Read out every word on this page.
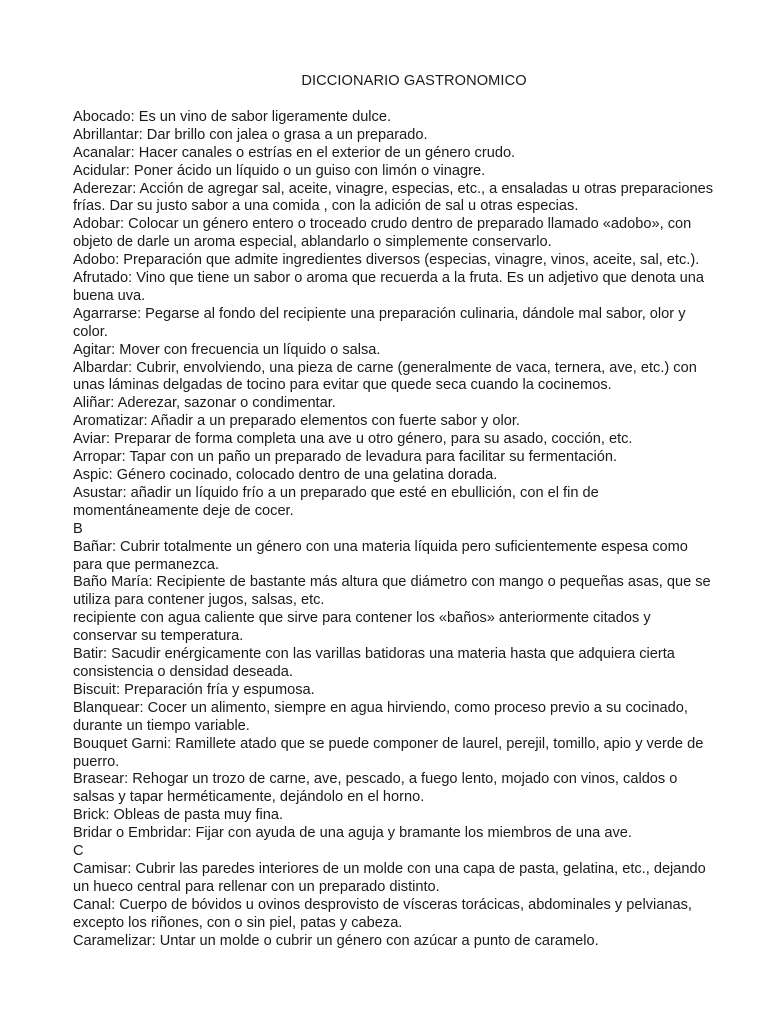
DICCIONARIO GASTRONOMICO

Abocado: Es un vino de sabor ligeramente dulce.

Abrillantar: Dar brillo con jalea o grasa a un preparado.

Acanalar: Hacer canales o estrías en el exterior de un género crudo.

Acidular: Poner ácido un líquido o un guiso con limón o vinagre.

Aderezar: Acción de agregar sal, aceite, vinagre, especias, etc., a ensaladas u otras preparaciones frías. Dar su justo sabor a una comida , con la adición de sal u otras especias.

Adobar: Colocar un género entero o troceado crudo dentro de preparado llamado «adobo», con objeto de darle un aroma especial, ablandarlo o simplemente conservarlo.

Adobo: Preparación que admite ingredientes diversos (especias, vinagre, vinos, aceite, sal, etc.).

Afrutado: Vino que tiene un sabor o aroma que recuerda a la fruta. Es un adjetivo que denota una buena uva.

Agarrarse: Pegarse al fondo del recipiente una preparación culinaria, dándole mal sabor, olor y color.

Agitar: Mover con frecuencia un líquido o salsa.

Albardar: Cubrir, envolviendo, una pieza de carne (generalmente de vaca, ternera, ave, etc.) con unas láminas delgadas de tocino para evitar que quede seca cuando la cocinemos.

Aliñar: Aderezar, sazonar o condimentar.

Aromatizar: Añadir a un preparado elementos con fuerte sabor y olor.

Aviar: Preparar de forma completa una ave u otro género, para su asado, cocción, etc.

Arropar: Tapar con un paño un preparado de levadura para facilitar su fermentación.

Aspic: Género cocinado, colocado dentro de una gelatina dorada.

Asustar: añadir un líquido frío a un preparado que esté en ebullición, con el fin de momentáneamente deje de cocer.

B

Bañar: Cubrir totalmente un género con una materia líquida pero suficientemente espesa como para que permanezca.

Baño María: Recipiente de bastante más altura que diámetro con mango o pequeñas asas, que se utiliza para contener jugos, salsas, etc.

recipiente con agua caliente que sirve para contener los «baños» anteriormente citados y conservar su temperatura.

Batir: Sacudir enérgicamente con las varillas batidoras una materia hasta que adquiera cierta consistencia o densidad deseada.

Biscuit: Preparación fría y espumosa.

Blanquear: Cocer un alimento, siempre en agua hirviendo, como proceso previo a su cocinado, durante un tiempo variable.

Bouquet Garni: Ramillete atado que se puede componer de laurel, perejil, tomillo, apio y verde de puerro.

Brasear: Rehogar un trozo de carne, ave, pescado, a fuego lento, mojado con vinos, caldos o salsas y tapar herméticamente, dejándolo en el horno.

Brick: Obleas de pasta muy fina.

Bridar o Embridar: Fijar con ayuda de una aguja y bramante los miembros de una ave.

C

Camisar: Cubrir las paredes interiores de un molde con una capa de pasta, gelatina, etc., dejando un hueco central para rellenar con un preparado distinto.

Canal: Cuerpo de bóvidos u ovinos desprovisto de vísceras torácicas, abdominales y pelvianas, excepto los riñones, con o sin piel, patas y cabeza.

Caramelizar: Untar un molde o cubrir un género con azúcar a punto de caramelo.
